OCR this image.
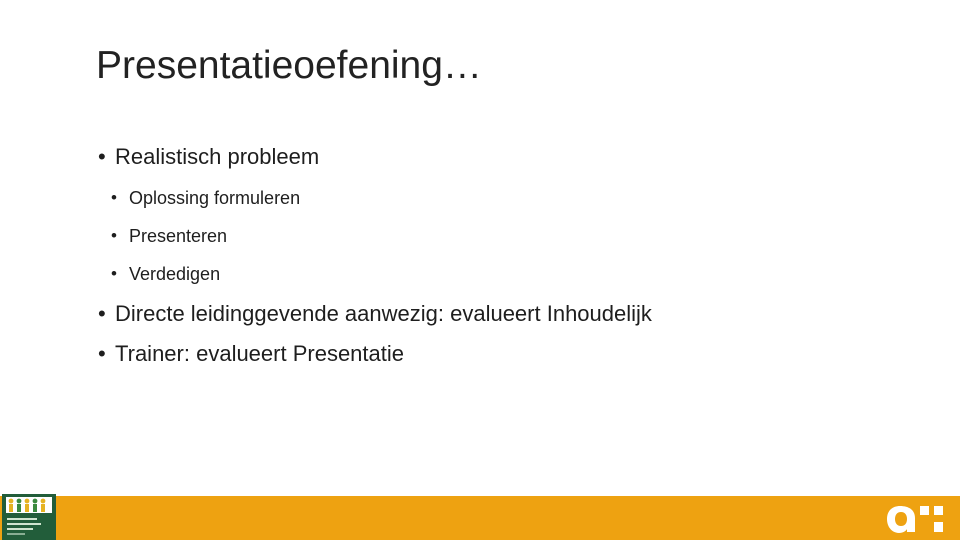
Presentatieoefening…
• Realistisch probleem
• Oplossing formuleren
• Presenteren
• Verdedigen
• Directe leidinggevende aanwezig: evalueert Inhoudelijk
• Trainer: evalueert Presentatie
